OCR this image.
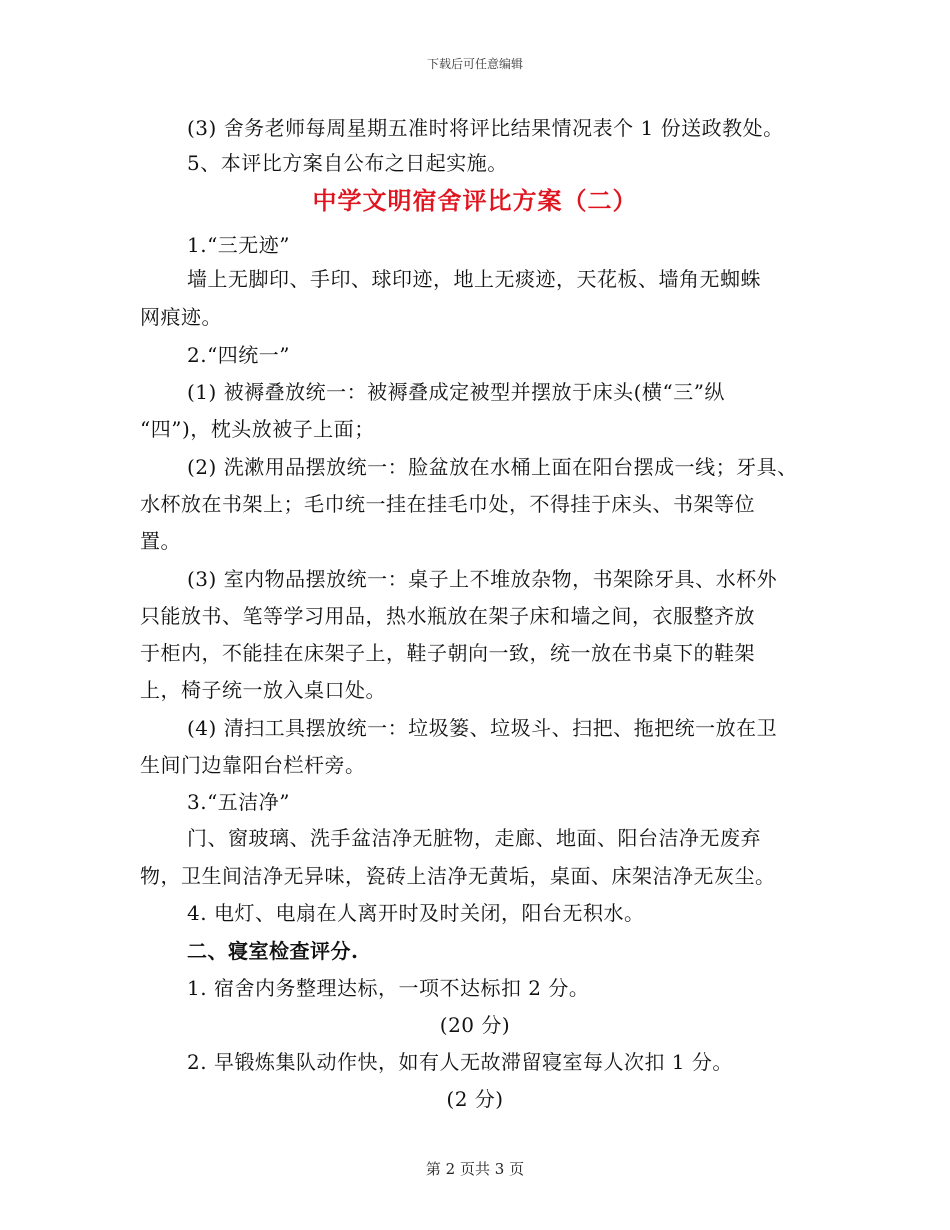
下载后可任意编辑
(3) 舍务老师每周星期五准时将评比结果情况表个 1 份送政教处。
5、本评比方案自公布之日起实施。
中学文明宿舍评比方案（二）
1.“三无迹”
墙上无脚印、手印、球印迹，地上无痰迹，天花板、墙角无蜘蛛
网痕迹。
2.“四统一”
(1) 被褥叠放统一：被褥叠成定被型并摆放于床头(横“三”纵
“四”)，枕头放被子上面；
(2) 洗漱用品摆放统一：脸盆放在水桶上面在阳台摆成一线；牙具、
水杯放在书架上；毛巾统一挂在挂毛巾处，不得挂于床头、书架等位
置。
(3) 室内物品摆放统一：桌子上不堆放杂物，书架除牙具、水杯外
只能放书、笔等学习用品，热水瓶放在架子床和墙之间，衣服整齐放
于柜内，不能挂在床架子上，鞋子朝向一致，统一放在书桌下的鞋架
上，椅子统一放入桌口处。
(4) 清扫工具摆放统一：垃圾篓、垃圾斗、扫把、拖把统一放在卫
生间门边靠阳台栏杆旁。
3.“五洁净”
门、窗玻璃、洗手盆洁净无脏物，走廊、地面、阳台洁净无废弃
物，卫生间洁净无异味，瓷砖上洁净无黄垢，桌面、床架洁净无灰尘。
4. 电灯、电扇在人离开时及时关闭，阳台无积水。
二、寝室检查评分.
1. 宿舍内务整理达标，一项不达标扣 2 分。
(20 分)
2. 早锻炼集队动作快，如有人无故滞留寝室每人次扣 1 分。
(2 分)
第 2 页共 3 页
